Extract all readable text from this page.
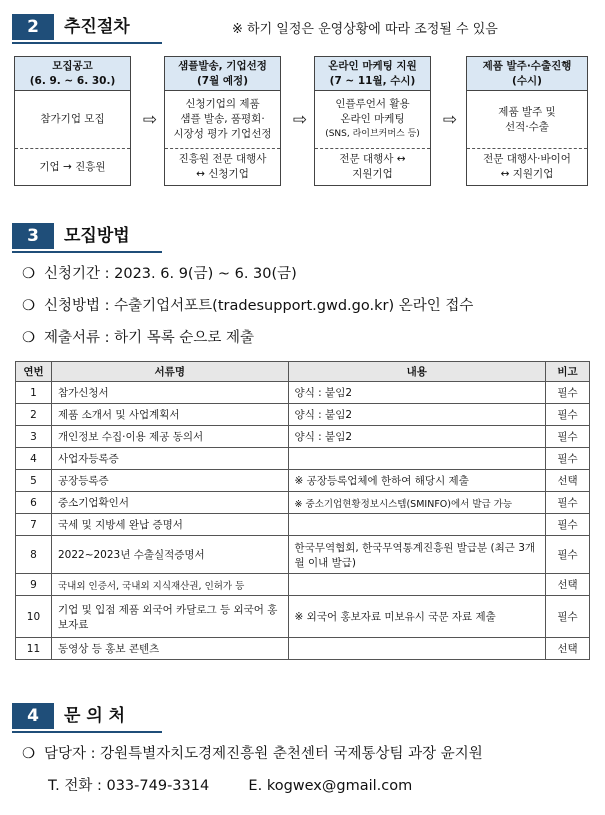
2	추진절차	※ 하기 일정은 운영상황에 따라 조정될 수 있음
모집공고
(6. 9. ~ 6. 30.)
참가기업 모집
기업 → 진흥원
⇨
샘플발송, 기업선정
(7월 예정)
신청기업의 제품
샘플 발송, 품평회·
시장성 평가 기업선정
진흥원 전문 대행사
↔ 신청기업
⇨
온라인 마케팅 지원
(7 ~ 11월, 수시)
인플루언서 활용
온라인 마케팅
(SNS, 라이브커머스 등)
전문 대행사 ↔
지원기업
⇨
제품 발주·수출진행
(수시)
제품 발주 및
선적·수출
전문 대행사·바이어
↔ 지원기업
3	모집방법
❍ 신청기간 : 2023. 6. 9(금) ~ 6. 30(금)
❍ 신청방법 : 수출기업서포트(tradesupport.gwd.go.kr) 온라인 접수
❍ 제출서류 : 하기 목록 순으로 제출
연번	서류명	내용	비고
1	참가신청서	양식 : 붙임2	필수
2	제품 소개서 및 사업계획서	양식 : 붙임2	필수
3	개인정보 수집·이용 제공 동의서	양식 : 붙임2	필수
4	사업자등록증		필수
5	공장등록증	※ 공장등록업체에 한하여 해당시 제출	선택
6	중소기업확인서	※ 중소기업현황정보시스템(SMINFO)에서 발급 가능	필수
7	국세 및 지방세 완납 증명서		필수
8	2022~2023년 수출실적증명서	한국무역협회, 한국무역통계진흥원 발급분 (최근 3개월 이내 발급)	필수
9	국내외 인증서, 국내외 지식재산권, 인허가 등		선택
10	기업 및 입점 제품 외국어 카달로그 등 외국어 홍보자료	※ 외국어 홍보자료 미보유시 국문 자료 제출	필수
11	동영상 등 홍보 콘텐츠		선택
4	문 의 처
❍ 담당자 : 강원특별자치도경제진흥원 춘천센터 국제통상팀 과장 윤지원
T. 전화 : 033-749-3314	E. kogwex@gmail.com
